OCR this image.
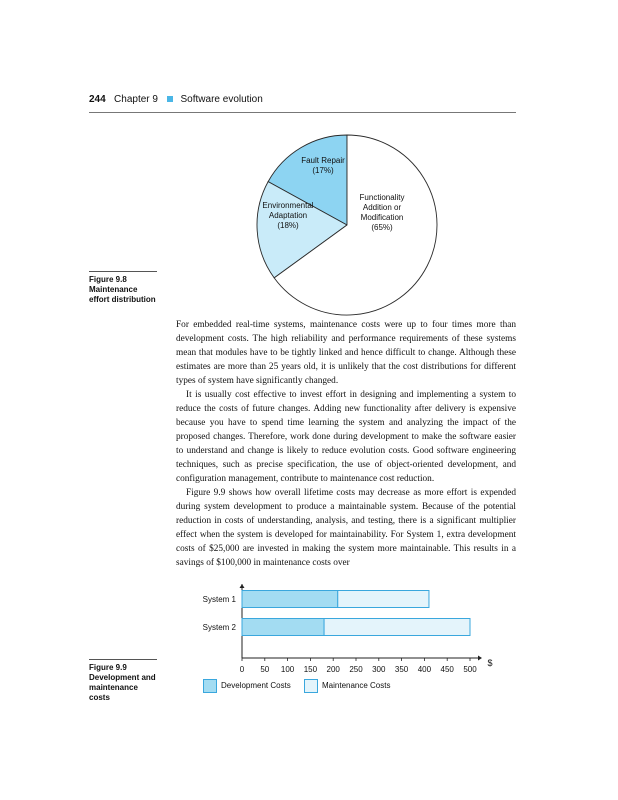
244 Chapter 9 Software evolution
Fault Repair (17%)
Environmental Adaptation (18%)
Functionality Addition or Modification (65%)
Figure 9.8
Maintenance effort distribution

For embedded real-time systems, maintenance costs were up to four times more than development costs. The high reliability and performance requirements of these systems mean that modules have to be tightly linked and hence difficult to change. Although these estimates are more than 25 years old, it is unlikely that the cost distributions for different types of system have significantly changed.

It is usually cost effective to invest effort in designing and implementing a system to reduce the costs of future changes. Adding new functionality after delivery is expensive because you have to spend time learning the system and analyzing the impact of the proposed changes. Therefore, work done during development to make the software easier to understand and change is likely to reduce evolution costs. Good software engineering techniques, such as precise specification, the use of object-oriented development, and configuration management, contribute to maintenance cost reduction.

Figure 9.9 shows how overall lifetime costs may decrease as more effort is expended during system development to produce a maintainable system. Because of the potential reduction in costs of understanding, analysis, and testing, there is a significant multiplier effect when the system is developed for maintainability. For System 1, extra development costs of $25,000 are invested in making the system more maintainable. This results in a savings of $100,000 in maintenance costs over

0 50 100 150 200 250 300 350 400 450 500
$
System 1
System 2
Figure 9.9
Development and maintenance costs
Development Costs	Maintenance Costs
